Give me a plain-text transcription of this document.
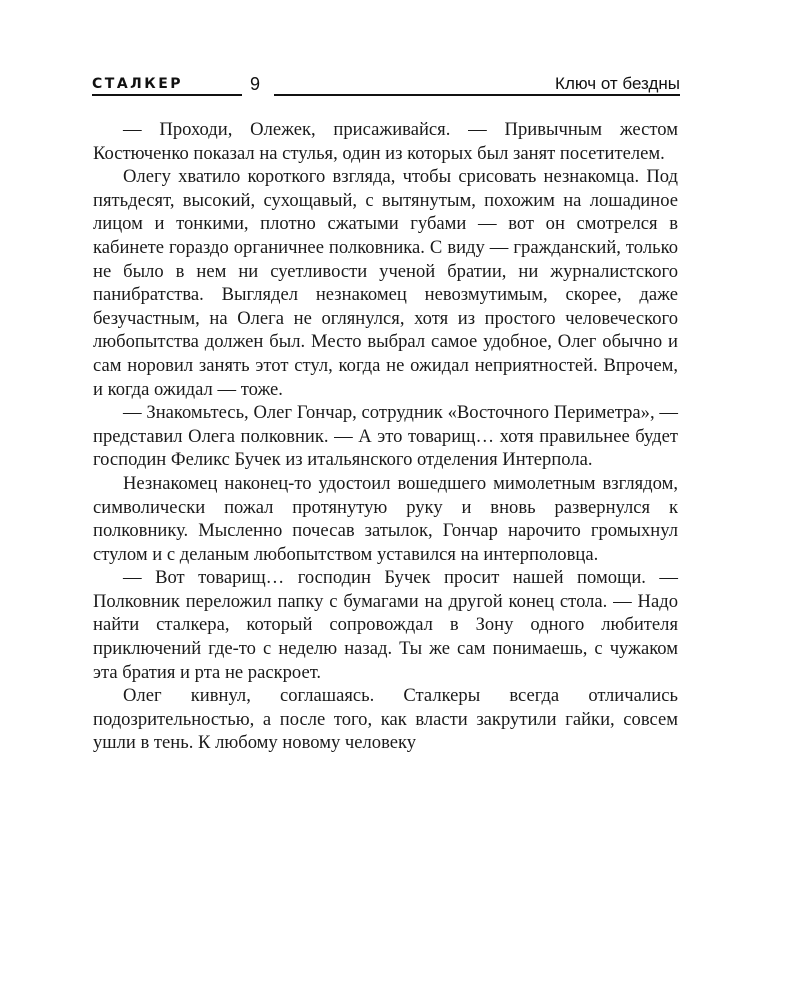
СТАЛКЕР	9	Ключ от бездны

— Проходи, Олежек, присаживайся. — Привычным жестом Костюченко показал на стулья, один из которых был занят посетителем.

Олегу хватило короткого взгляда, чтобы срисовать незнакомца. Под пятьдесят, высокий, сухощавый, с вытянутым, похожим на лошадиное лицом и тонкими, плотно сжатыми губами — вот он смотрелся в кабинете гораздо органичнее полковника. С виду — гражданский, только не было в нем ни суетливости ученой братии, ни журналистского панибратства. Выглядел незнакомец невозмутимым, скорее, даже безучастным, на Олега не оглянулся, хотя из простого человеческого любопытства должен был. Место выбрал самое удобное, Олег обычно и сам норовил занять этот стул, когда не ожидал неприятностей. Впрочем, и когда ожидал — тоже.

— Знакомьтесь, Олег Гончар, сотрудник «Восточного Периметра», — представил Олега полковник. — А это товарищ… хотя правильнее будет господин Феликс Бучек из итальянского отделения Интерпола.

Незнакомец наконец-то удостоил вошедшего мимолетным взглядом, символически пожал протянутую руку и вновь развернулся к полковнику. Мысленно почесав затылок, Гончар нарочито громыхнул стулом и с деланым любопытством уставился на интерполовца.

— Вот товарищ… господин Бучек просит нашей помощи. — Полковник переложил папку с бумагами на другой конец стола. — Надо найти сталкера, который сопровождал в Зону одного любителя приключений где-то с неделю назад. Ты же сам понимаешь, с чужаком эта братия и рта не раскроет.

Олег кивнул, соглашаясь. Сталкеры всегда отличались подозрительностью, а после того, как власти закрутили гайки, совсем ушли в тень. К любому новому человеку
